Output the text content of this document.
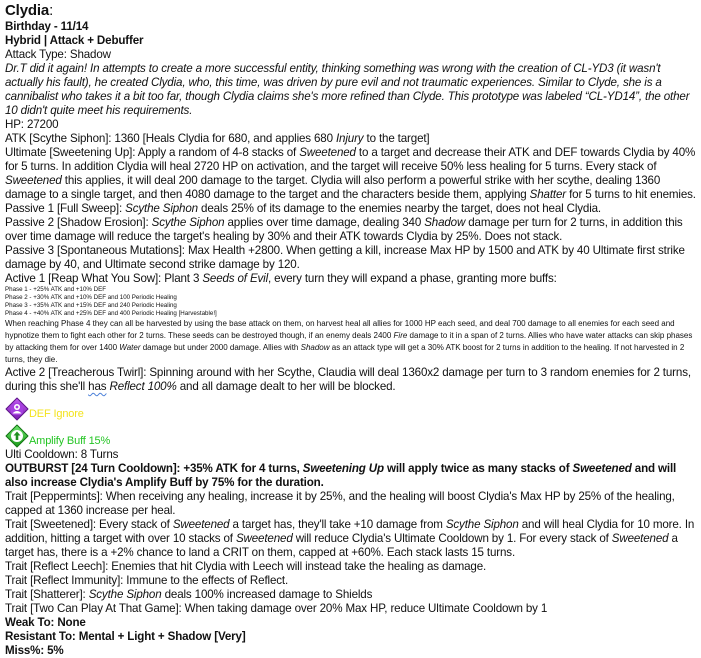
Clydia:

Birthday - 11/14

Hybrid | Attack + Debuffer

Attack Type: Shadow

Dr.T did it again! In attempts to create a more successful entity, thinking something was wrong with the creation of CL-YD3 (it wasn't actually his fault), he created Clydia, who, this time, was driven by pure evil and not traumatic experiences. Similar to Clyde, she is a cannibalist who takes it a bit too far, though Clydia claims she's more refined than Clyde. This prototype was labeled “CL-YD14”, the other 10 didn't quite meet his requirements.

HP: 27200

ATK [Scythe Siphon]: 1360 [Heals Clydia for 680, and applies 680 Injury to the target]

Ultimate [Sweetening Up]: Apply a random of 4-8 stacks of Sweetened to a target and decrease their ATK and DEF towards Clydia by 40% for 5 turns. In addition Clydia will heal 2720 HP on activation, and the target will receive 50% less healing for 5 turns. Every stack of Sweetened this applies, it will deal 200 damage to the target. Clydia will also perform a powerful strike with her scythe, dealing 1360 damage to a single target, and then 4080 damage to the target and the characters beside them, applying Shatter for 5 turns to hit enemies.

Passive 1 [Full Sweep]: Scythe Siphon deals 25% of its damage to the enemies nearby the target, does not heal Clydia.

Passive 2 [Shadow Erosion]: Scythe Siphon applies over time damage, dealing 340 Shadow damage per turn for 2 turns, in addition this over time damage will reduce the target's healing by 30% and their ATK towards Clydia by 25%. Does not stack.

Passive 3 [Spontaneous Mutations]: Max Health +2800. When getting a kill, increase Max HP by 1500 and ATK by 40 Ultimate first strike damage by 40, and Ultimate second strike damage by 120.

Active 1 [Reap What You Sow]: Plant 3 Seeds of Evil, every turn they will expand a phase, granting more buffs:

Phase 1 - +25% ATK and +10% DEF

Phase 2 - +30% ATK and +10% DEF and 100 Periodic Healing

Phase 3 - +35% ATK and +15% DEF and 240 Periodic Healing

Phase 4 - +40% ATK and +25% DEF and 400 Periodic Healing [Harvestable!]

When reaching Phase 4 they can all be harvested by using the base attack on them, on harvest heal all allies for 1000 HP each seed, and deal 700 damage to all enemies for each seed and hypnotize them to fight each other for 2 turns. These seeds can be destroyed though, if an enemy deals 2400 Fire damage to it in a span of 2 turns. Allies who have water attacks can skip phases by attacking them for over 1400 Water damage but under 2000 damage. Allies with Shadow as an attack type will get a 30% ATK boost for 2 turns in addition to the healing. If not harvested in 2 turns, they die.

Active 2 [Treacherous Twirl]: Spinning around with her Scythe, Claudia will deal 1360x2 damage per turn to 3 random enemies for 2 turns, during this she'll has Reflect 100% and all damage dealt to her will be blocked.

DEF Ignore
Amplify Buff 15%

Ulti Cooldown: 8 Turns

OUTBURST [24 Turn Cooldown]: +35% ATK for 4 turns, Sweetening Up will apply twice as many stacks of Sweetened and will also increase Clydia's Amplify Buff by 75% for the duration.

Trait [Peppermints]: When receiving any healing, increase it by 25%, and the healing will boost Clydia's Max HP by 25% of the healing, capped at 1360 increase per heal.

Trait [Sweetened]: Every stack of Sweetened a target has, they'll take +10 damage from Scythe Siphon and will heal Clydia for 10 more. In addition, hitting a target with over 10 stacks of Sweetened will reduce Clydia's Ultimate Cooldown by 1. For every stack of Sweetened a target has, there is a +2% chance to land a CRIT on them, capped at +60%. Each stack lasts 15 turns.

Trait [Reflect Leech]: Enemies that hit Clydia with Leech will instead take the healing as damage.

Trait [Reflect Immunity]: Immune to the effects of Reflect.

Trait [Shatterer]: Scythe Siphon deals 100% increased damage to Shields

Trait [Two Can Play At That Game]: When taking damage over 20% Max HP, reduce Ultimate Cooldown by 1

Weak To: None

Resistant To: Mental + Light + Shadow [Very]

Miss%: 5%
